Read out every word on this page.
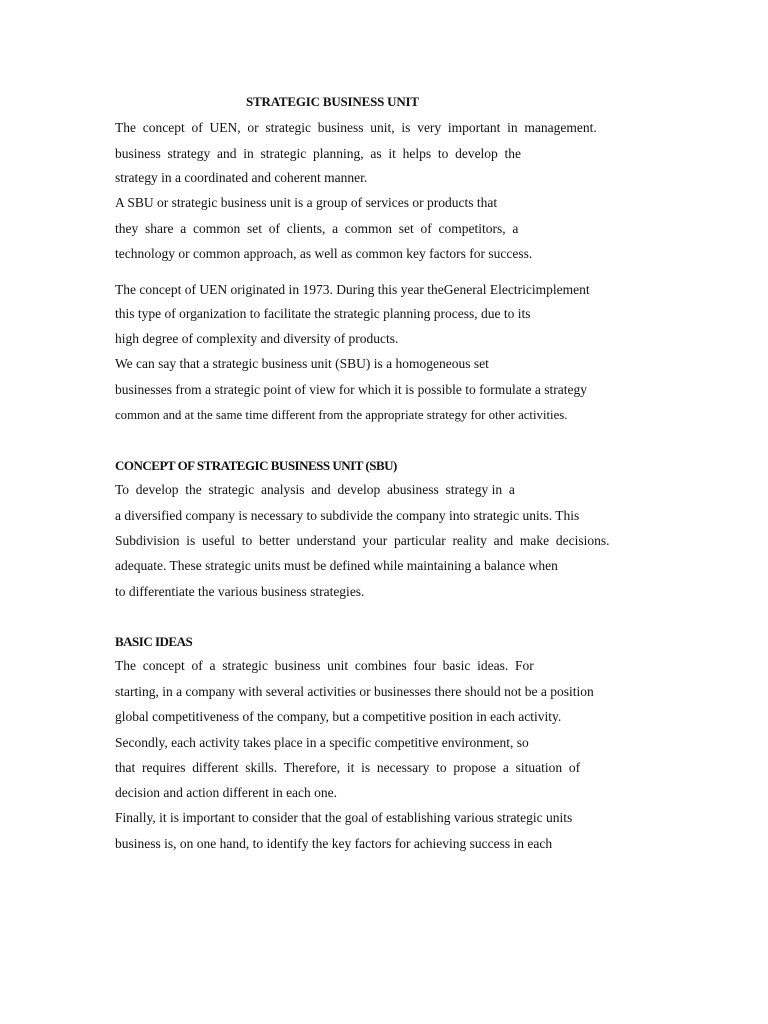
STRATEGIC BUSINESS UNIT
The  concept  of  UEN,  or  strategic  business  unit,  is  very  important  in  management.
business  strategy  and  in  strategic  planning,  as  it  helps  to  develop  the
strategy in a coordinated and coherent manner.
A SBU or strategic business unit is a group of services or products that
they  share  a  common  set  of  clients,  a  common  set  of  competitors,  a
technology or common approach, as well as common key factors for success.
The concept of UEN originated in 1973. During this year theGeneral Electricimplement
this type of organization to facilitate the strategic planning process, due to its
high degree of complexity and diversity of products.
We can say that a strategic business unit (SBU) is a homogeneous set
businesses from a strategic point of view for which it is possible to formulate a strategy
common and at the same time different from the appropriate strategy for other activities.
CONCEPT OF STRATEGIC BUSINESS UNIT (SBU)
To  develop  the  strategic  analysis  and  develop  abusiness  strategy in  a
a diversified company is necessary to subdivide the company into strategic units. This
Subdivision  is  useful  to  better  understand  your  particular  reality  and  make  decisions.
adequate. These strategic units must be defined while maintaining a balance when
to differentiate the various business strategies.
BASIC IDEAS
The  concept  of  a  strategic  business  unit  combines  four  basic  ideas.  For
starting, in a company with several activities or businesses there should not be a position
global competitiveness of the company, but a competitive position in each activity.
Secondly, each activity takes place in a specific competitive environment, so
that  requires  different  skills.  Therefore,  it  is  necessary  to  propose  a  situation  of
decision and action different in each one.
Finally, it is important to consider that the goal of establishing various strategic units
business is, on one hand, to identify the key factors for achieving success in each
